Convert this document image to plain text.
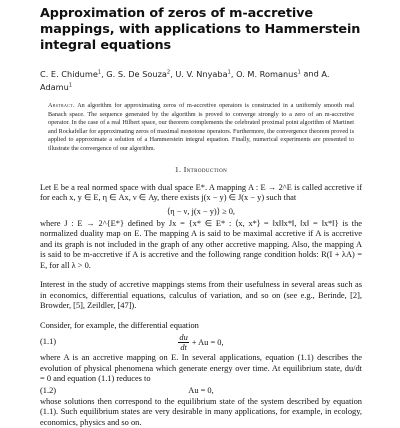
Approximation of zeros of m-accretive mappings, with applications to Hammerstein integral equations
C. E. Chidume$^1$, G. S. De Souza$^2$, U. V. Nnyaba$^1$, O. M. Romanus$^1$ and A. Adamu$^1$
Abstract. An algorithm for approximating zeros of m-accretive operators is constructed in a uniformly smooth real Banach space. The sequence generated by the algorithm is proved to converge strongly to a zero of an m-accretive operator. In the case of a real Hilbert space, our theorem complements the celebrated proximal point algorithm of Martinet and Rockafellar for approximating zeros of maximal monotone operators. Furthermore, the convergence theorem proved is applied to approximate a solution of a Hammerstein integral equation. Finally, numerical experiments are presented to illustrate the convergence of our algorithm.
1. Introduction

Let E be a real normed space with dual space E*. A mapping A : E → 2^E is called accretive if for each x, y ∈ E, η ∈ Ax, ν ∈ Ay, there exists j(x − y) ∈ J(x − y) such that

⟨η − ν, j(x − y)⟩ ≥ 0,

where J : E → 2^{E*} defined by Jx = {x* ∈ E* : ⟨x, x*⟩ = ‖x‖‖x*‖, ‖x‖ = ‖x*‖} is the normalized duality map on E. The mapping A is said to be maximal accretive if A is accretive and its graph is not included in the graph of any other accretive mapping. Also, the mapping A is said to be m-accretive if A is accretive and the following range condition holds: R(I + λA) = E, for all λ > 0.

Interest in the study of accretive mappings stems from their usefulness in several areas such as in economics, differential equations, calculus of variation, and so on (see e.g., Berinde, [2], Browder, [5], Zeildler, [47]).

Consider, for example, the differential equation

(1.1)	$\frac{du}{dt} + Au = 0$,

where A is an accretive mapping on E. In several applications, equation (1.1) describes the evolution of physical phenomena which generate energy over time. At equilibrium state, du/dt = 0 and equation (1.1) reduces to

(1.2)	Au = 0,

whose solutions then correspond to the equilibrium state of the system described by equation (1.1). Such equilibrium states are very desirable in many applications, for example, in ecology, economics, physics and so on.
